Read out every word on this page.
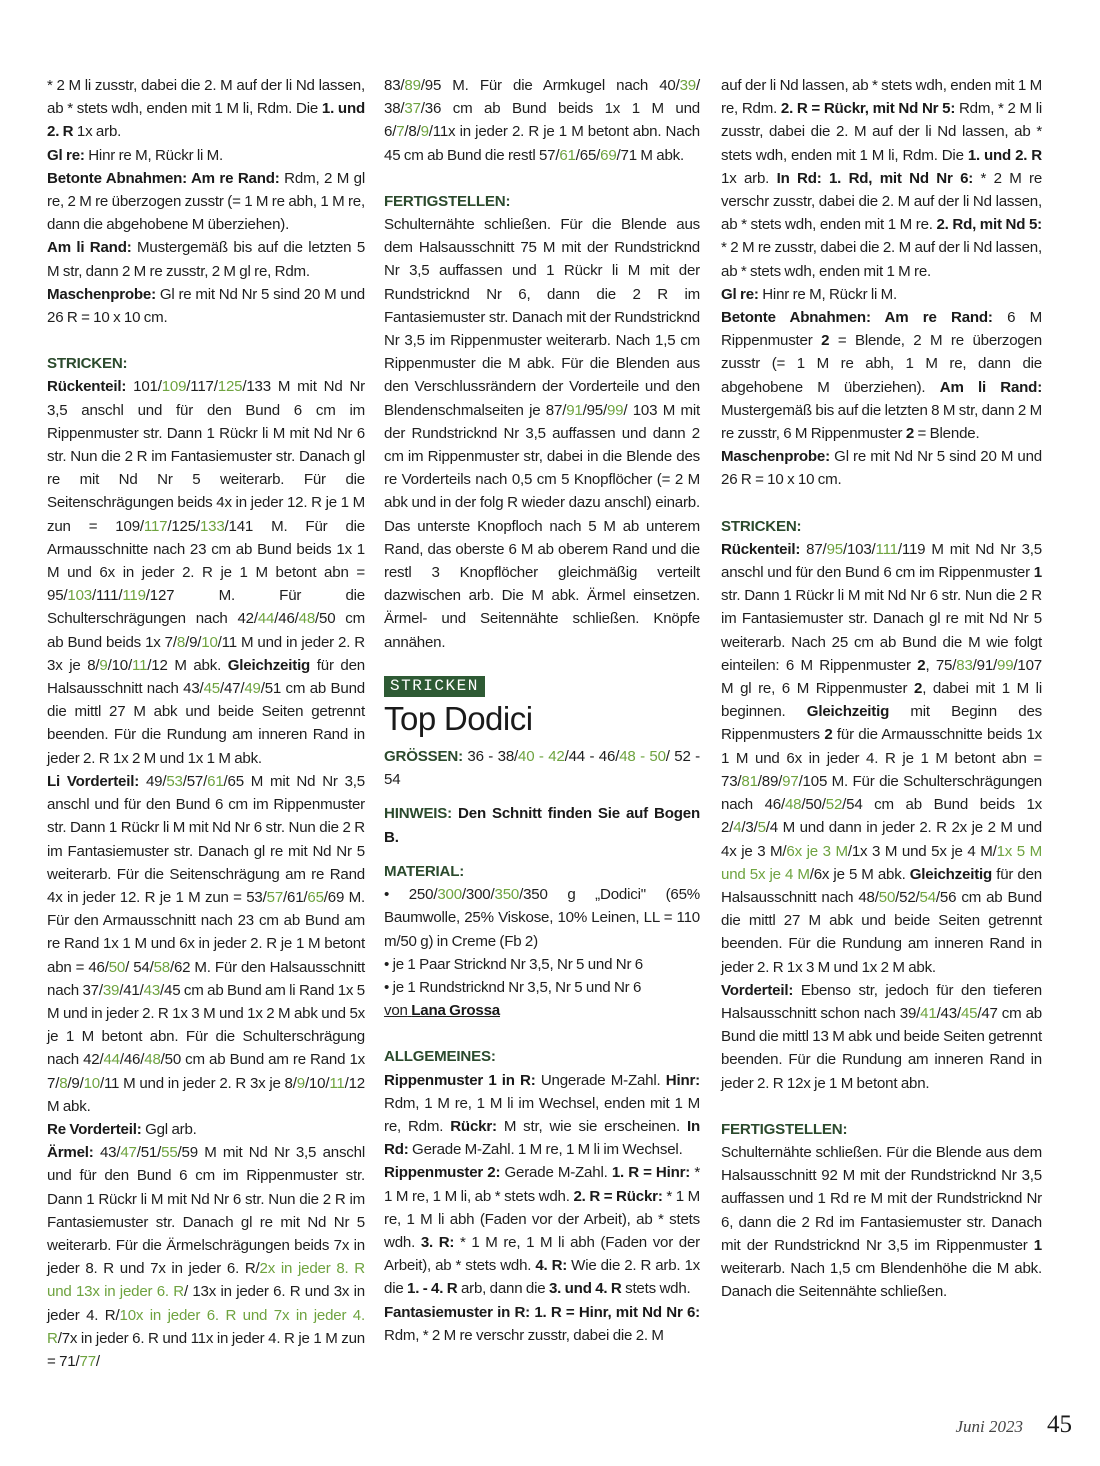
* 2 M li zusstr, dabei die 2. M auf der li Nd lassen, ab * stets wdh, enden mit 1 M li, Rdm. Die 1. und 2. R 1x arb.

Gl re: Hinr re M, Rückr li M.

Betonte Abnahmen: Am re Rand: Rdm, 2 M gl re, 2 M re überzogen zusstr (= 1 M re abh, 1 M re, dann die abgehobene M überziehen).

Am li Rand: Mustergemäß bis auf die letzten 5 M str, dann 2 M re zusstr, 2 M gl re, Rdm.

Maschenprobe: Gl re mit Nd Nr 5 sind 20 M und 26 R = 10 x 10 cm.

STRICKEN:

Rückenteil: 101/109/117/125/133 M mit Nd Nr 3,5 anschl und für den Bund 6 cm im Rippenmuster str. Dann 1 Rückr li M mit Nd Nr 6 str. Nun die 2 R im Fantasiemuster str. Danach gl re mit Nd Nr 5 weiterarb. Für die Seitenschrägungen beids 4x in jeder 12. R je 1 M zun = 109/117/125/133/141 M. Für die Armausschnitte nach 23 cm ab Bund beids 1x 1 M und 6x in jeder 2. R je 1 M betont abn = 95/103/111/119/127 M. Für die Schulterschrägungen nach 42/44/46/48/50 cm ab Bund beids 1x 7/8/9/10/11 M und in jeder 2. R 3x je 8/9/10/11/12 M abk. Gleichzeitig für den Halsausschnitt nach 43/45/47/49/51 cm ab Bund die mittl 27 M abk und beide Seiten getrennt beenden. Für die Rundung am inneren Rand in jeder 2. R 1x 2 M und 1x 1 M abk.

Li Vorderteil: 49/53/57/61/65 M mit Nd Nr 3,5 anschl und für den Bund 6 cm im Rippenmuster str. Dann 1 Rückr li M mit Nd Nr 6 str. Nun die 2 R im Fantasiemuster str. Danach gl re mit Nd Nr 5 weiterarb. Für die Seitenschrägung am re Rand 4x in jeder 12. R je 1 M zun = 53/57/61/65/69 M. Für den Armausschnitt nach 23 cm ab Bund am re Rand 1x 1 M und 6x in jeder 2. R je 1 M betont abn = 46/50/ 54/58/62 M. Für den Halsausschnitt nach 37/39/41/43/45 cm ab Bund am li Rand 1x 5 M und in jeder 2. R 1x 3 M und 1x 2 M abk und 5x je 1 M betont abn. Für die Schulterschrägung nach 42/44/46/48/50 cm ab Bund am re Rand 1x 7/8/9/10/11 M und in jeder 2. R 3x je 8/9/10/11/12 M abk.

Re Vorderteil: Ggl arb.

Ärmel: 43/47/51/55/59 M mit Nd Nr 3,5 anschl und für den Bund 6 cm im Rippenmuster str. Dann 1 Rückr li M mit Nd Nr 6 str. Nun die 2 R im Fantasiemuster str. Danach gl re mit Nd Nr 5 weiterarb. Für die Ärmelschrägungen beids 7x in jeder 8. R und 7x in jeder 6. R/2x in jeder 8. R und 13x in jeder 6. R/ 13x in jeder 6. R und 3x in jeder 4. R/10x in jeder 6. R und 7x in jeder 4. R/7x in jeder 6. R und 11x in jeder 4. R je 1 M zun = 71/77/

83/89/95 M. Für die Armkugel nach 40/39/ 38/37/36 cm ab Bund beids 1x 1 M und 6/7/8/9/11x in jeder 2. R je 1 M betont abn. Nach 45 cm ab Bund die restl 57/61/65/69/71 M abk.

FERTIGSTELLEN:

Schulternähte schließen. Für die Blende aus dem Halsausschnitt 75 M mit der Rundstricknd Nr 3,5 auffassen und 1 Rückr li M mit der Rundstricknd Nr 6, dann die 2 R im Fantasiemuster str. Danach mit der Rundstricknd Nr 3,5 im Rippenmuster weiterarb. Nach 1,5 cm Rippenmuster die M abk. Für die Blenden aus den Verschlussrändern der Vorderteile und den Blendenschmalseiten je 87/91/95/99/ 103 M mit der Rundstricknd Nr 3,5 auffassen und dann 2 cm im Rippenmuster str, dabei in die Blende des re Vorderteils nach 0,5 cm 5 Knopflöcher (= 2 M abk und in der folg R wieder dazu anschl) einarb. Das unterste Knopfloch nach 5 M ab unterem Rand, das oberste 6 M ab oberem Rand und die restl 3 Knopflöcher gleichmäßig verteilt dazwischen arb. Die M abk. Ärmel einsetzen. Ärmel- und Seitennähte schließen. Knöpfe annähen.

STRICKEN
Top Dodici

GRÖSSEN: 36 - 38/40 - 42/44 - 46/48 - 50/ 52 - 54

HINWEIS: Den Schnitt finden Sie auf Bogen B.

MATERIAL:

• 250/300/300/350/350 g „Dodici" (65% Baumwolle, 25% Viskose, 10% Leinen, LL = 110 m/50 g) in Creme (Fb 2)

• je 1 Paar Stricknd Nr 3,5, Nr 5 und Nr 6

• je 1 Rundstricknd Nr 3,5, Nr 5 und Nr 6

von Lana Grossa

ALLGEMEINES:

Rippenmuster 1 in R: Ungerade M-Zahl. Hinr: Rdm, 1 M re, 1 M li im Wechsel, enden mit 1 M re, Rdm. Rückr: M str, wie sie erscheinen. In Rd: Gerade M-Zahl. 1 M re, 1 M li im Wechsel.

Rippenmuster 2: Gerade M-Zahl. 1. R = Hinr: * 1 M re, 1 M li, ab * stets wdh. 2. R = Rückr: * 1 M re, 1 M li abh (Faden vor der Arbeit), ab * stets wdh. 3. R: * 1 M re, 1 M li abh (Faden vor der Arbeit), ab * stets wdh. 4. R: Wie die 2. R arb. 1x die 1. - 4. R arb, dann die 3. und 4. R stets wdh.

Fantasiemuster in R: 1. R = Hinr, mit Nd Nr 6: Rdm, * 2 M re verschr zusstr, dabei die 2. M

auf der li Nd lassen, ab * stets wdh, enden mit 1 M re, Rdm. 2. R = Rückr, mit Nd Nr 5: Rdm, * 2 M li zusstr, dabei die 2. M auf der li Nd lassen, ab * stets wdh, enden mit 1 M li, Rdm. Die 1. und 2. R 1x arb. In Rd: 1. Rd, mit Nd Nr 6: * 2 M re verschr zusstr, dabei die 2. M auf der li Nd lassen, ab * stets wdh, enden mit 1 M re. 2. Rd, mit Nd 5: * 2 M re zusstr, dabei die 2. M auf der li Nd lassen, ab * stets wdh, enden mit 1 M re.

Gl re: Hinr re M, Rückr li M.

Betonte Abnahmen: Am re Rand: 6 M Rippenmuster 2 = Blende, 2 M re überzogen zusstr (= 1 M re abh, 1 M re, dann die abgehobene M überziehen). Am li Rand: Mustergemäß bis auf die letzten 8 M str, dann 2 M re zusstr, 6 M Rippenmuster 2 = Blende.

Maschenprobe: Gl re mit Nd Nr 5 sind 20 M und 26 R = 10 x 10 cm.

STRICKEN:

Rückenteil: 87/95/103/111/119 M mit Nd Nr 3,5 anschl und für den Bund 6 cm im Rippenmuster 1 str. Dann 1 Rückr li M mit Nd Nr 6 str. Nun die 2 R im Fantasiemuster str. Danach gl re mit Nd Nr 5 weiterarb. Nach 25 cm ab Bund die M wie folgt einteilen: 6 M Rippenmuster 2, 75/83/91/99/107 M gl re, 6 M Rippenmuster 2, dabei mit 1 M li beginnen. Gleichzeitig mit Beginn des Rippenmusters 2 für die Armausschnitte beids 1x 1 M und 6x in jeder 4. R je 1 M betont abn = 73/81/89/97/105 M. Für die Schulterschrägungen nach 46/48/50/52/54 cm ab Bund beids 1x 2/4/3/5/4 M und dann in jeder 2. R 2x je 2 M und 4x je 3 M/6x je 3 M/1x 3 M und 5x je 4 M/1x 5 M und 5x je 4 M/6x je 5 M abk. Gleichzeitig für den Halsausschnitt nach 48/50/52/54/56 cm ab Bund die mittl 27 M abk und beide Seiten getrennt beenden. Für die Rundung am inneren Rand in jeder 2. R 1x 3 M und 1x 2 M abk.

Vorderteil: Ebenso str, jedoch für den tieferen Halsausschnitt schon nach 39/41/43/45/47 cm ab Bund die mittl 13 M abk und beide Seiten getrennt beenden. Für die Rundung am inneren Rand in jeder 2. R 12x je 1 M betont abn.

FERTIGSTELLEN:

Schulternähte schließen. Für die Blende aus dem Halsausschnitt 92 M mit der Rundstricknd Nr 3,5 auffassen und 1 Rd re M mit der Rundstricknd Nr 6, dann die 2 Rd im Fantasiemuster str. Danach mit der Rundstricknd Nr 3,5 im Rippenmuster 1 weiterarb. Nach 1,5 cm Blendenhöhe die M abk. Danach die Seitennähte schließen.

Juni 2023 45
